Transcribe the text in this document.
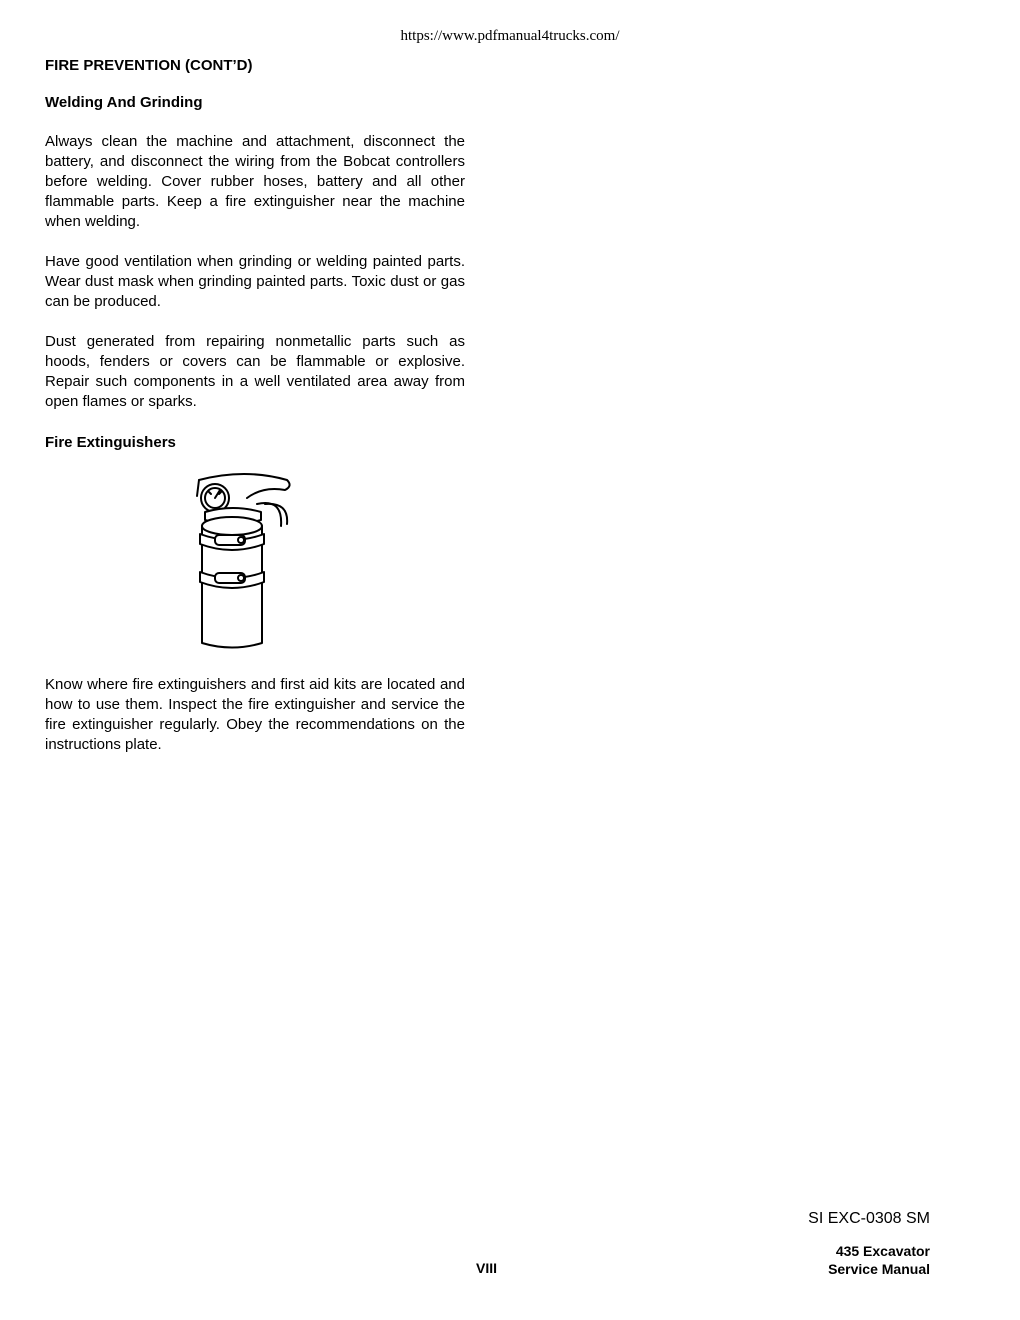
https://www.pdfmanual4trucks.com/
FIRE PREVENTION (CONT’D)
Welding And Grinding
Always clean the machine and attachment, disconnect the battery, and disconnect the wiring from the Bobcat controllers before welding. Cover rubber hoses, battery and all other flammable parts. Keep a fire extinguisher near the machine when welding.
Have good ventilation when grinding or welding painted parts. Wear dust mask when grinding painted parts. Toxic dust or gas can be produced.
Dust generated from repairing nonmetallic parts such as hoods, fenders or covers can be flammable or explosive. Repair such components in a well ventilated area away from open flames or sparks.
Fire Extinguishers
Know where fire extinguishers and first aid kits are located and how to use them. Inspect the fire extinguisher and service the fire extinguisher regularly. Obey the recommendations on the instructions plate.
SI EXC-0308 SM
VIII
435 Excavator
Service Manual
